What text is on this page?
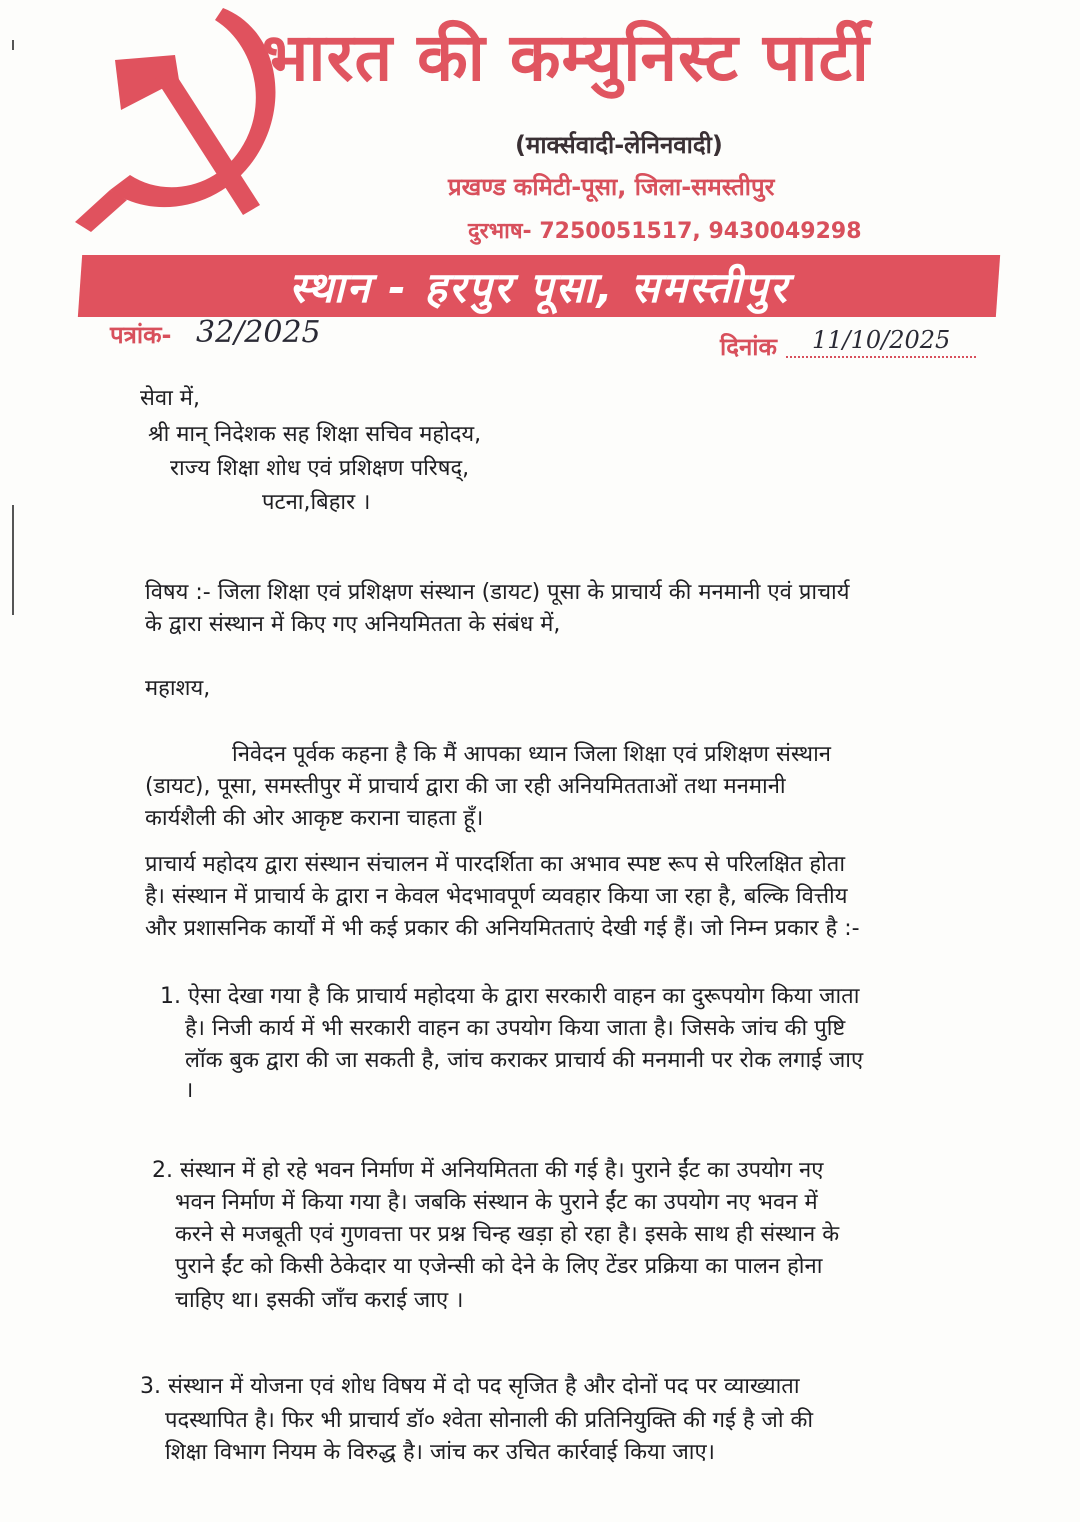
भारत की कम्युनिस्ट पार्टी
(मार्क्सवादी-लेनिनवादी)
प्रखण्ड कमिटी-पूसा, जिला-समस्तीपुर
दुरभाष- 7250051517, 9430049298
स्थान - हरपुर पूसा, समस्तीपुर
पत्रांक- 32/2025	दिनांक 11/10/2025
सेवा में,
श्री मान् निदेशक सह शिक्षा सचिव महोदय,
राज्य शिक्षा शोध एवं प्रशिक्षण परिषद्,
पटना,बिहार ।
विषय :- जिला शिक्षा एवं प्रशिक्षण संस्थान (डायट) पूसा के प्राचार्य की मनमानी एवं प्राचार्य
के द्वारा संस्थान में किए गए अनियमितता के संबंध में,
महाशय,
निवेदन पूर्वक कहना है कि मैं आपका ध्यान जिला शिक्षा एवं प्रशिक्षण संस्थान
(डायट), पूसा, समस्तीपुर में प्राचार्य द्वारा की जा रही अनियमितताओं तथा मनमानी
कार्यशैली की ओर आकृष्ट कराना चाहता हूँ।
प्राचार्य महोदय द्वारा संस्थान संचालन में पारदर्शिता का अभाव स्पष्ट रूप से परिलक्षित होता
है। संस्थान में प्राचार्य के द्वारा न केवल भेदभावपूर्ण व्यवहार किया जा रहा है, बल्कि वित्तीय
और प्रशासनिक कार्यों में भी कई प्रकार की अनियमितताएं देखी गई हैं। जो निम्न प्रकार है :-
1. ऐसा देखा गया है कि प्राचार्य महोदया के द्वारा सरकारी वाहन का दुरूपयोग किया जाता
है। निजी कार्य में भी सरकारी वाहन का उपयोग किया जाता है। जिसके जांच की पुष्टि
लॉक बुक द्वारा की जा सकती है, जांच कराकर प्राचार्य की मनमानी पर रोक लगाई जाए
।
2. संस्थान में हो रहे भवन निर्माण में अनियमितता की गई है। पुराने ईंट का उपयोग नए
भवन निर्माण में किया गया है। जबकि संस्थान के पुराने ईंट का उपयोग नए भवन में
करने से मजबूती एवं गुणवत्ता पर प्रश्न चिन्ह खड़ा हो रहा है। इसके साथ ही संस्थान के
पुराने ईंट को किसी ठेकेदार या एजेन्सी को देने के लिए टेंडर प्रक्रिया का पालन होना
चाहिए था। इसकी जाँच कराई जाए ।
3. संस्थान में योजना एवं शोध विषय में दो पद सृजित है और दोनों पद पर व्याख्याता
पदस्थापित है। फिर भी प्राचार्य डॉ० श्वेता सोनाली की प्रतिनियुक्ति की गई है जो की
शिक्षा विभाग नियम के विरुद्ध है। जांच कर उचित कार्रवाई किया जाए।
